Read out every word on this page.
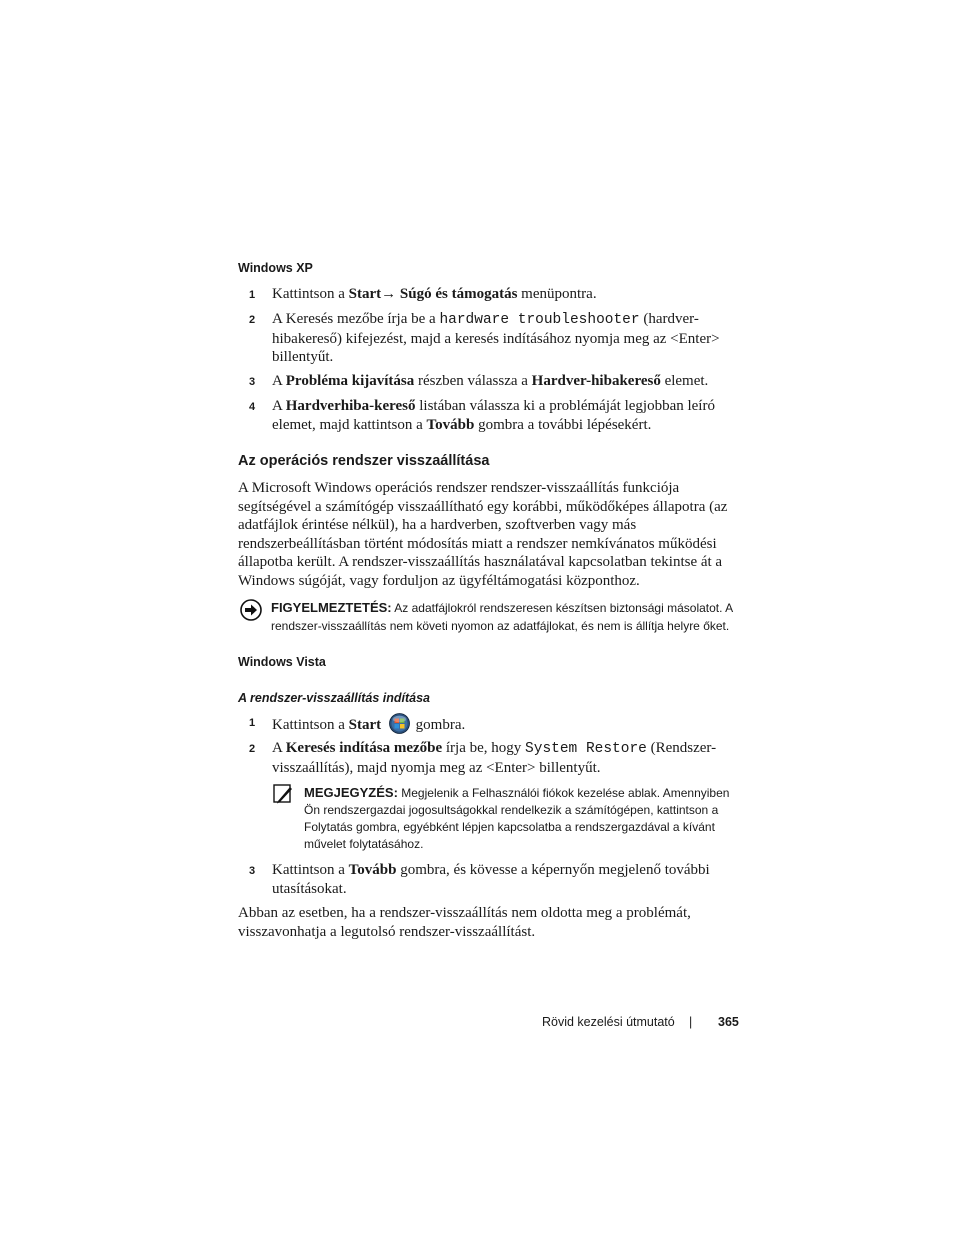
Windows XP
1 Kattintson a Start→ Súgó és támogatás menüpontra.
2 A Keresés mezőbe írja be a hardware troubleshooter (hardver-hibakereső) kifejezést, majd a keresés indításához nyomja meg az <Enter> billentyűt.
3 A Probléma kijavítása részben válassza a Hardver-hibakereső elemet.
4 A Hardverhiba-kereső listában válassza ki a problémáját legjobban leíró elemet, majd kattintson a Tovább gombra a további lépésekért.
Az operációs rendszer visszaállítása

A Microsoft Windows operációs rendszer rendszer-visszaállítás funkciója segítségével a számítógép visszaállítható egy korábbi, működőképes állapotra (az adatfájlok érintése nélkül), ha a hardverben, szoftverben vagy más rendszerbeállításban történt módosítás miatt a rendszer nemkívánatos működési állapotba került. A rendszer-visszaállítás használatával kapcsolatban tekintse át a Windows súgóját, vagy forduljon az ügyféltámogatási központhoz.

FIGYELMEZTETÉS: Az adatfájlokról rendszeresen készítsen biztonsági másolatot. A rendszer-visszaállítás nem követi nyomon az adatfájlokat, és nem is állítja helyre őket.
Windows Vista
A rendszer-visszaállítás indítása
1 Kattintson a Start  gombra.
2 A Keresés indítása mezőbe írja be, hogy System Restore (Rendszer-visszaállítás), majd nyomja meg az <Enter> billentyűt.
MEGJEGYZÉS: Megjelenik a Felhasználói fiókok kezelése ablak. Amennyiben Ön rendszergazdai jogosultságokkal rendelkezik a számítógépen, kattintson a Folytatás gombra, egyébként lépjen kapcsolatba a rendszergazdával a kívánt művelet folytatásához.
3 Kattintson a Tovább gombra, és kövesse a képernyőn megjelenő további utasításokat.

Abban az esetben, ha a rendszer-visszaállítás nem oldotta meg a problémát, visszavonhatja a legutolsó rendszer-visszaállítást.

Rövid kezelési útmutató | 365
